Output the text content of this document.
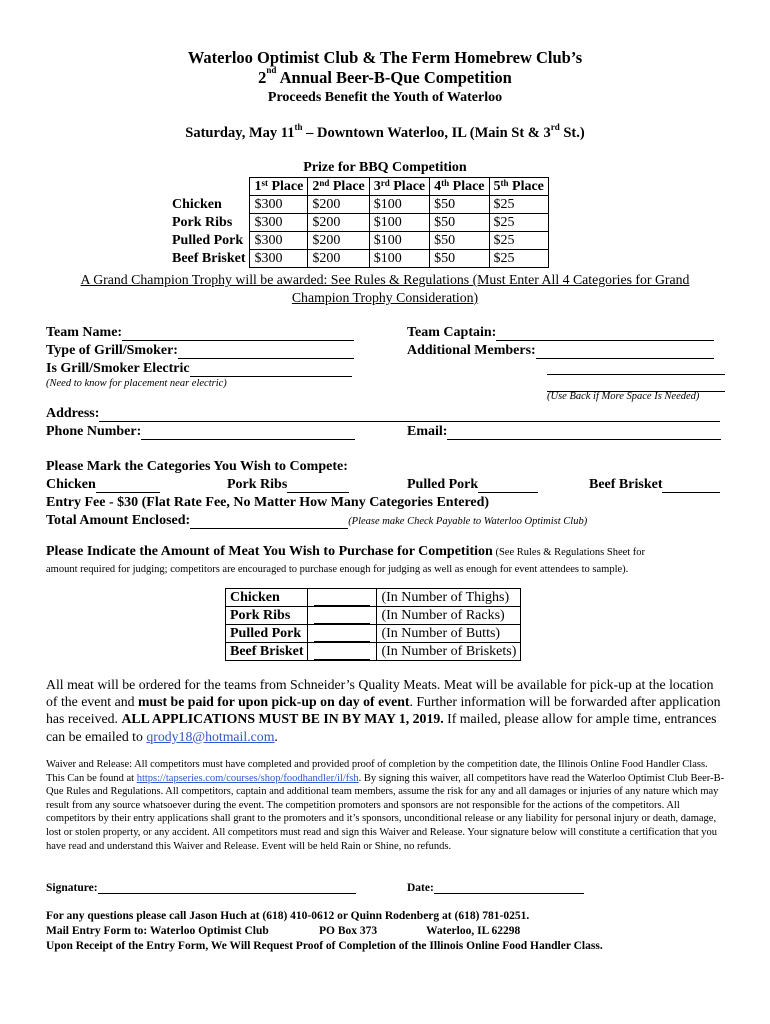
Waterloo Optimist Club & The Ferm Homebrew Club’s
2nd Annual Beer-B-Que Competition
Proceeds Benefit the Youth of Waterloo
Saturday, May 11th – Downtown Waterloo, IL (Main St & 3rd St.)
Prize for BBQ Competition
	1st Place	2nd Place	3rd Place	4th Place	5th Place
Chicken	$300	$200	$100	$50	$25
Pork Ribs	$300	$200	$100	$50	$25
Pulled Pork	$300	$200	$100	$50	$25
Beef Brisket	$300	$200	$100	$50	$25
A Grand Champion Trophy will be awarded: See Rules & Regulations (Must Enter All 4 Categories for Grand
Champion Trophy Consideration)
Team Name:
Type of Grill/Smoker:
Is Grill/Smoker Electric
(Need to know for placement near electric)
Team Captain:
Additional Members:
(Use Back if More Space Is Needed)
Address:
Phone Number:	Email:
Please Mark the Categories You Wish to Compete:
Chicken	Pork Ribs	Pulled Pork	Beef Brisket
Entry Fee - $30 (Flat Rate Fee, No Matter How Many Categories Entered)
Total Amount Enclosed:	(Please make Check Payable to Waterloo Optimist Club)
Please Indicate the Amount of Meat You Wish to Purchase for Competition (See Rules & Regulations Sheet for
amount required for judging; competitors are encouraged to purchase enough for judging as well as enough for event attendees to sample).
Chicken		(In Number of Thighs)
Pork Ribs		(In Number of Racks)
Pulled Pork		(In Number of Butts)
Beef Brisket		(In Number of Briskets)
All meat will be ordered for the teams from Schneider’s Quality Meats. Meat will be available for pick-up at the location of the event and must be paid for upon pick-up on day of event. Further information will be forwarded after application has received. ALL APPLICATIONS MUST BE IN BY MAY 1, 2019. If mailed, please allow for ample time, entrances can be emailed to qrody18@hotmail.com.
Waiver and Release: All competitors must have completed and provided proof of completion by the competition date, the Illinois Online Food Handler Class. This Can be found at https://tapseries.com/courses/shop/foodhandler/il/fsh. By signing this waiver, all competitors have read the Waterloo Optimist Club Beer-B-Que Rules and Regulations. All competitors, captain and additional team members, assume the risk for any and all damages or injuries of any nature which may result from any source whatsoever during the event. The competition promoters and sponsors are not responsible for the actions of the competitors. All competitors by their entry applications shall grant to the promoters and it’s sponsors, unconditional release or any liability for personal injury or death, damage, lost or stolen property, or any accident. All competitors must read and sign this Waiver and Release. Your signature below will constitute a certification that you have read and understand this Waiver and Release. Event will be held Rain or Shine, no refunds.
Signature:	Date:
For any questions please call Jason Huch at (618) 410-0612 or Quinn Rodenberg at (618) 781-0251.
Mail Entry Form to: Waterloo Optimist Club	PO Box 373	Waterloo, IL 62298
Upon Receipt of the Entry Form, We Will Request Proof of Completion of the Illinois Online Food Handler Class.
